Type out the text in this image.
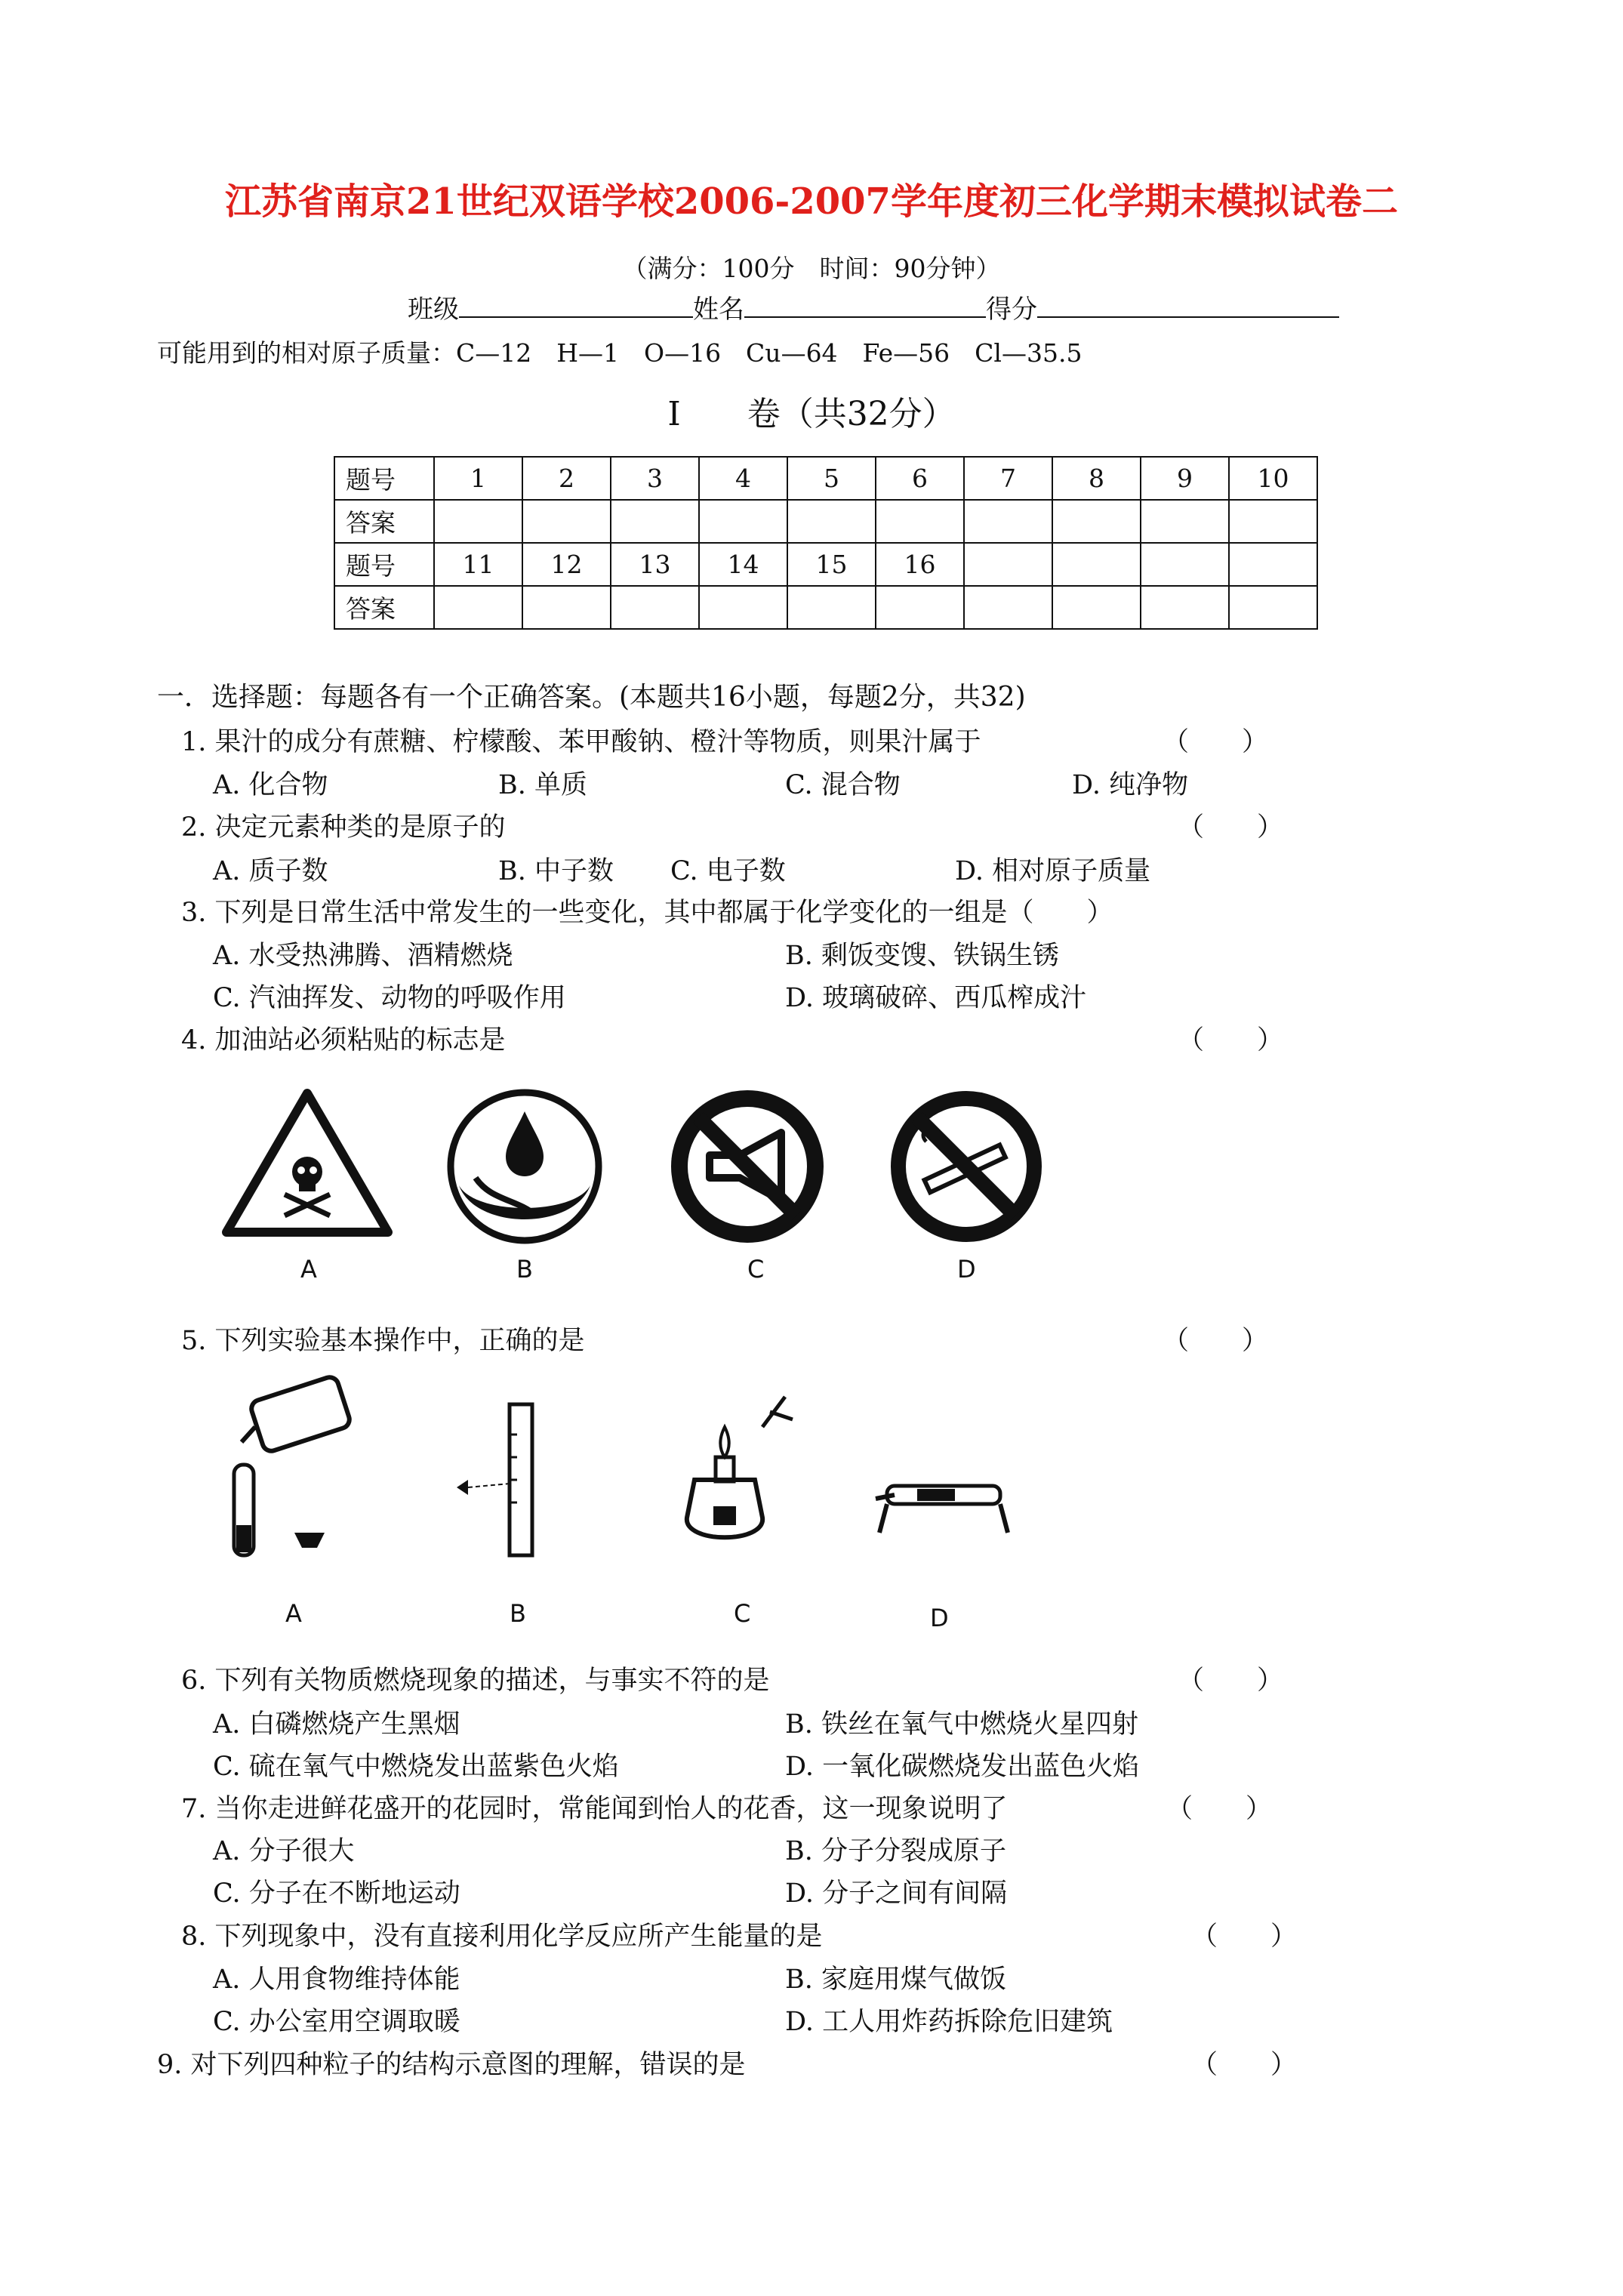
江苏省南京21世纪双语学校2006-2007学年度初三化学期末模拟试卷二
（满分：100分　时间：90分钟）
班级	姓名	得分
可能用到的相对原子质量：C—12　H—1　O—16　Cu—64　Fe—56　Cl—35.5
I　　卷（共32分）
题号	1	2	3	4	5	6	7	8	9	10
答案										
题号	11	12	13	14	15	16				
答案										
一．选择题：每题各有一个正确答案。(本题共16小题，每题2分，共32)
1. 果汁的成分有蔗糖、柠檬酸、苯甲酸钠、橙汁等物质，则果汁属于	（　　）
A. 化合物	B. 单质	C. 混合物	D. 纯净物
2. 决定元素种类的是原子的	（　　）
A. 质子数	B. 中子数 C. 电子数	D. 相对原子质量
3. 下列是日常生活中常发生的一些变化，其中都属于化学变化的一组是（　　）
A. 水受热沸腾、酒精燃烧	B. 剩饭变馊、铁锅生锈
C. 汽油挥发、动物的呼吸作用	D. 玻璃破碎、西瓜榨成汁
4. 加油站必须粘贴的标志是	（　　）
A	B	C	D
5. 下列实验基本操作中，正确的是	（　　）
A	B	C	D
6. 下列有关物质燃烧现象的描述，与事实不符的是	（　　）
A. 白磷燃烧产生黑烟	B. 铁丝在氧气中燃烧火星四射
C. 硫在氧气中燃烧发出蓝紫色火焰	D. 一氧化碳燃烧发出蓝色火焰
7. 当你走进鲜花盛开的花园时，常能闻到怡人的花香，这一现象说明了	（　　）
A. 分子很大	B. 分子分裂成原子
C. 分子在不断地运动	D. 分子之间有间隔
8. 下列现象中，没有直接利用化学反应所产生能量的是	（　　）
A. 人用食物维持体能	B. 家庭用煤气做饭
C. 办公室用空调取暖	D. 工人用炸药拆除危旧建筑
9. 对下列四种粒子的结构示意图的理解，错误的是	（　　）
